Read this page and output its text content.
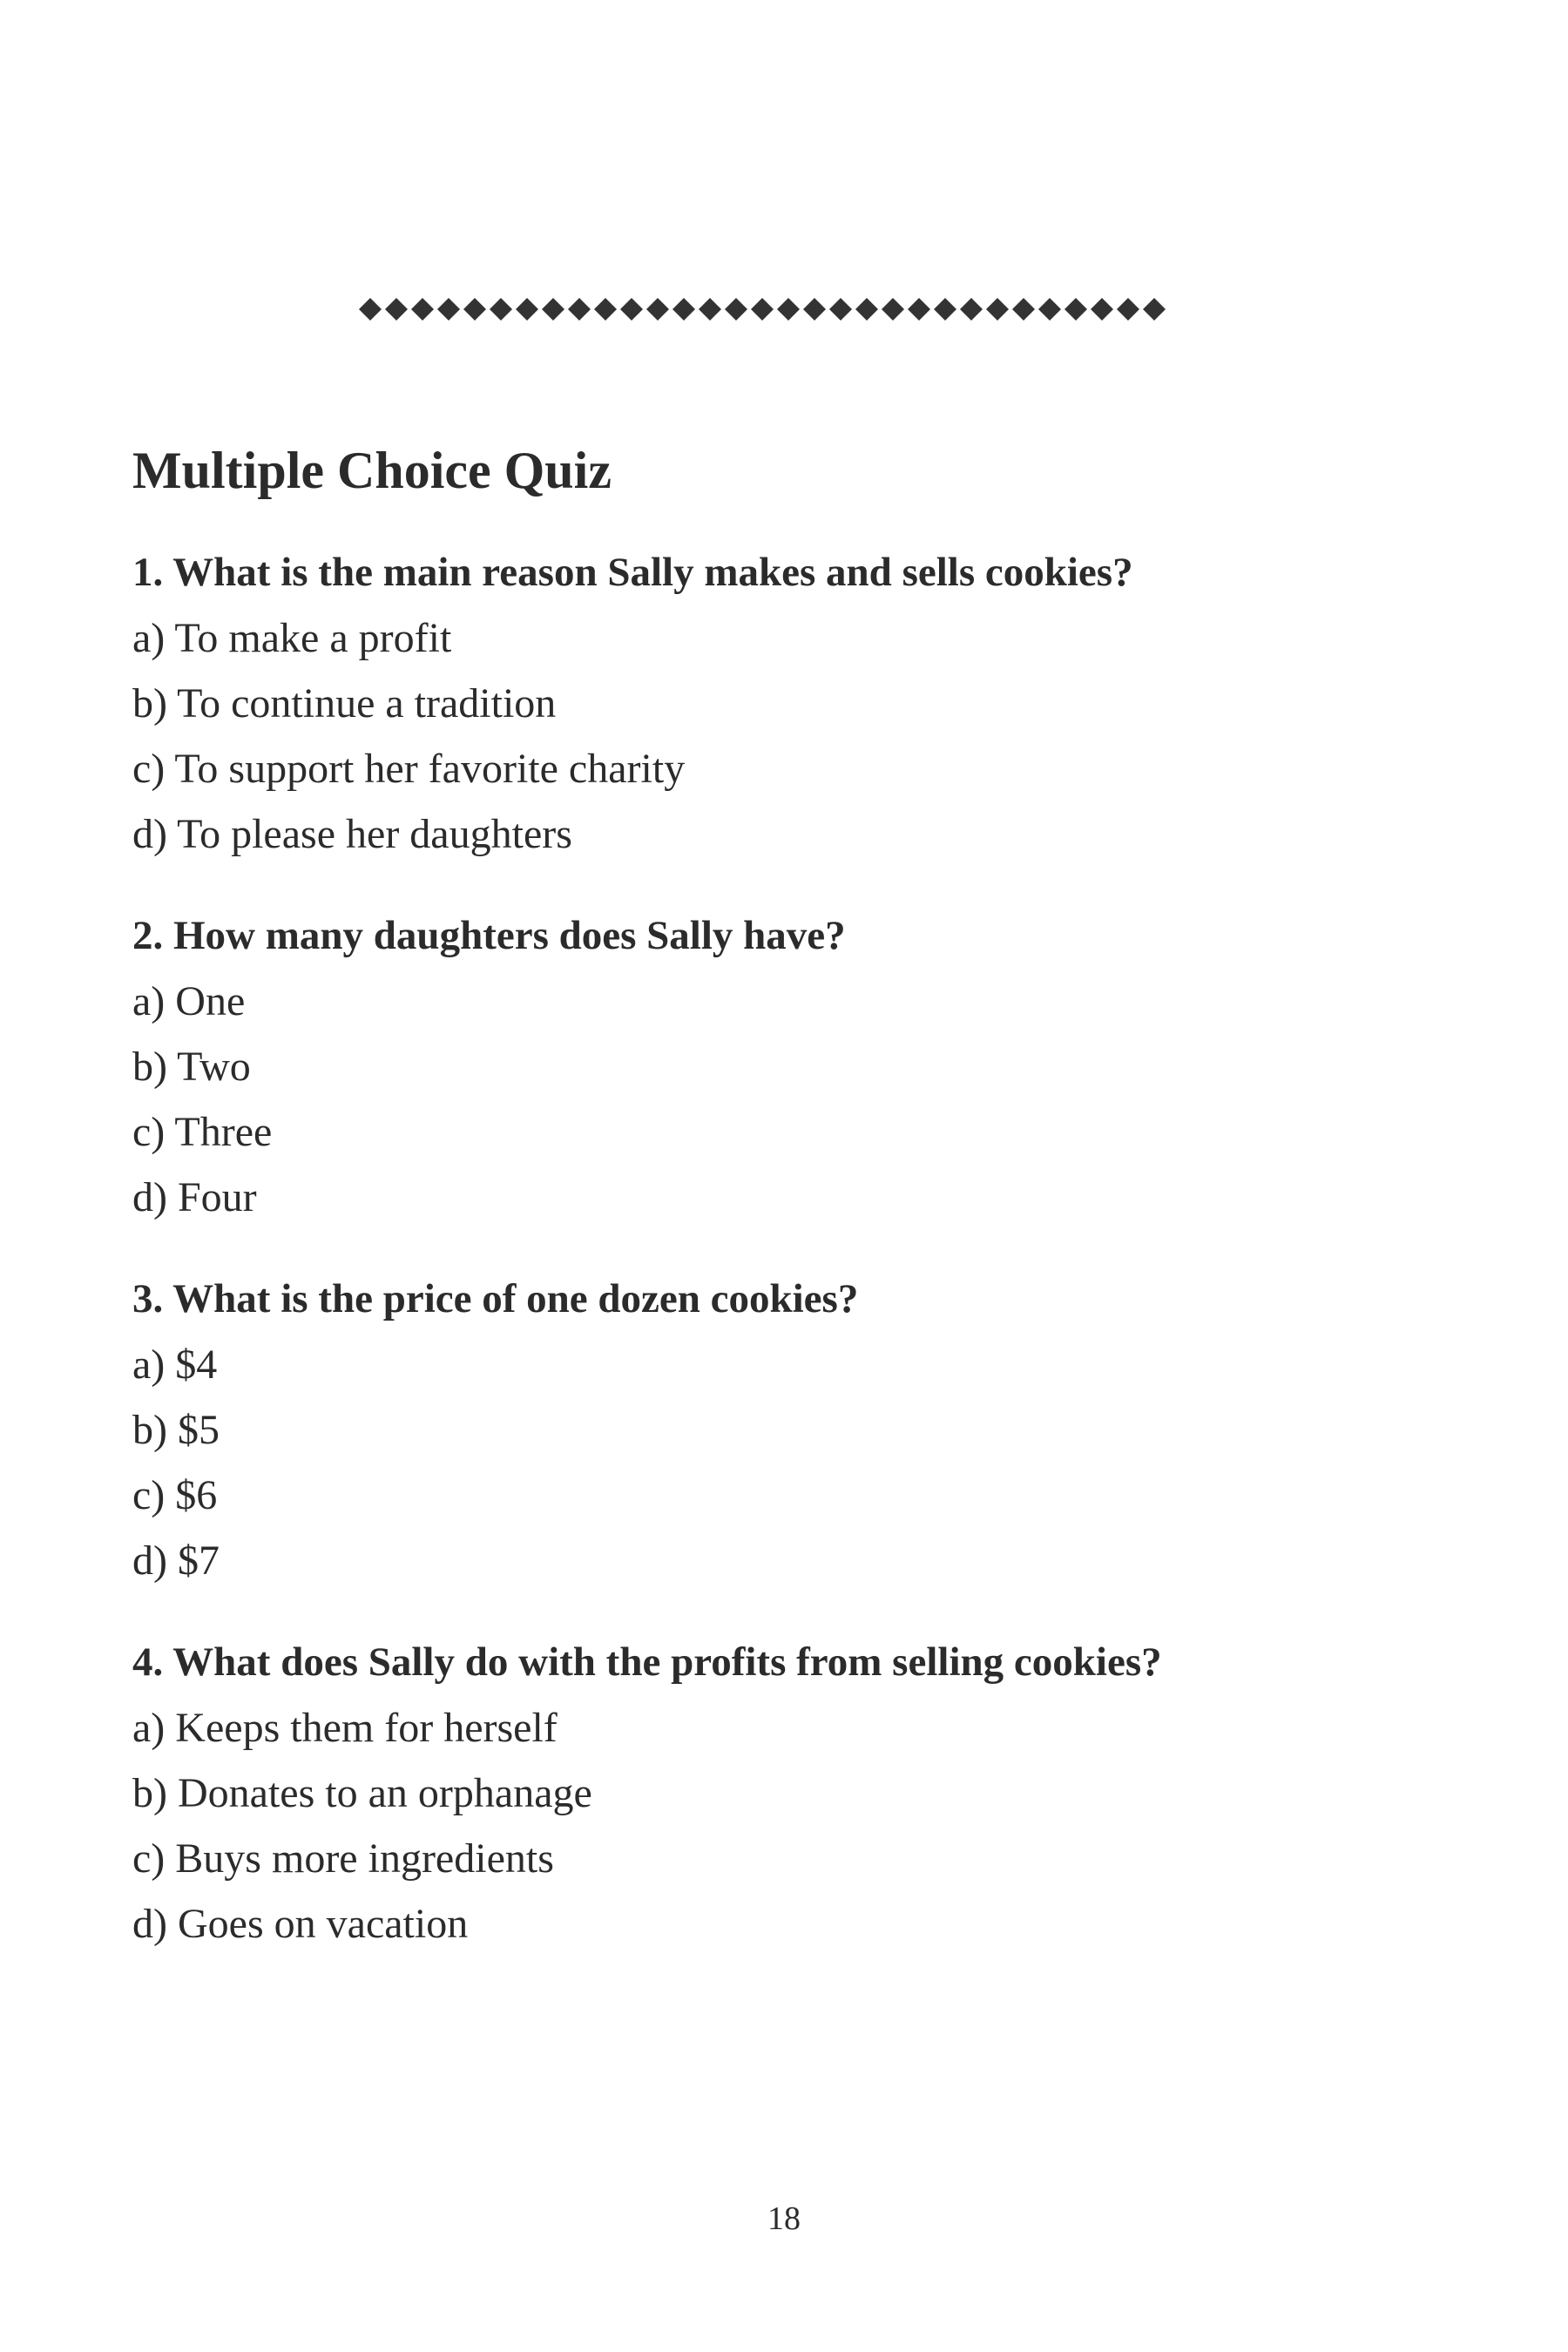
Multiple Choice Quiz

1. What is the main reason Sally makes and sells cookies?

a) To make a profit
b) To continue a tradition
c) To support her favorite charity
d) To please her daughters

2. How many daughters does Sally have?

a) One
b) Two
c) Three
d) Four

3. What is the price of one dozen cookies?

a) $4
b) $5
c) $6
d) $7

4. What does Sally do with the profits from selling cookies?

a) Keeps them for herself
b) Donates to an orphanage
c) Buys more ingredients
d) Goes on vacation
18
